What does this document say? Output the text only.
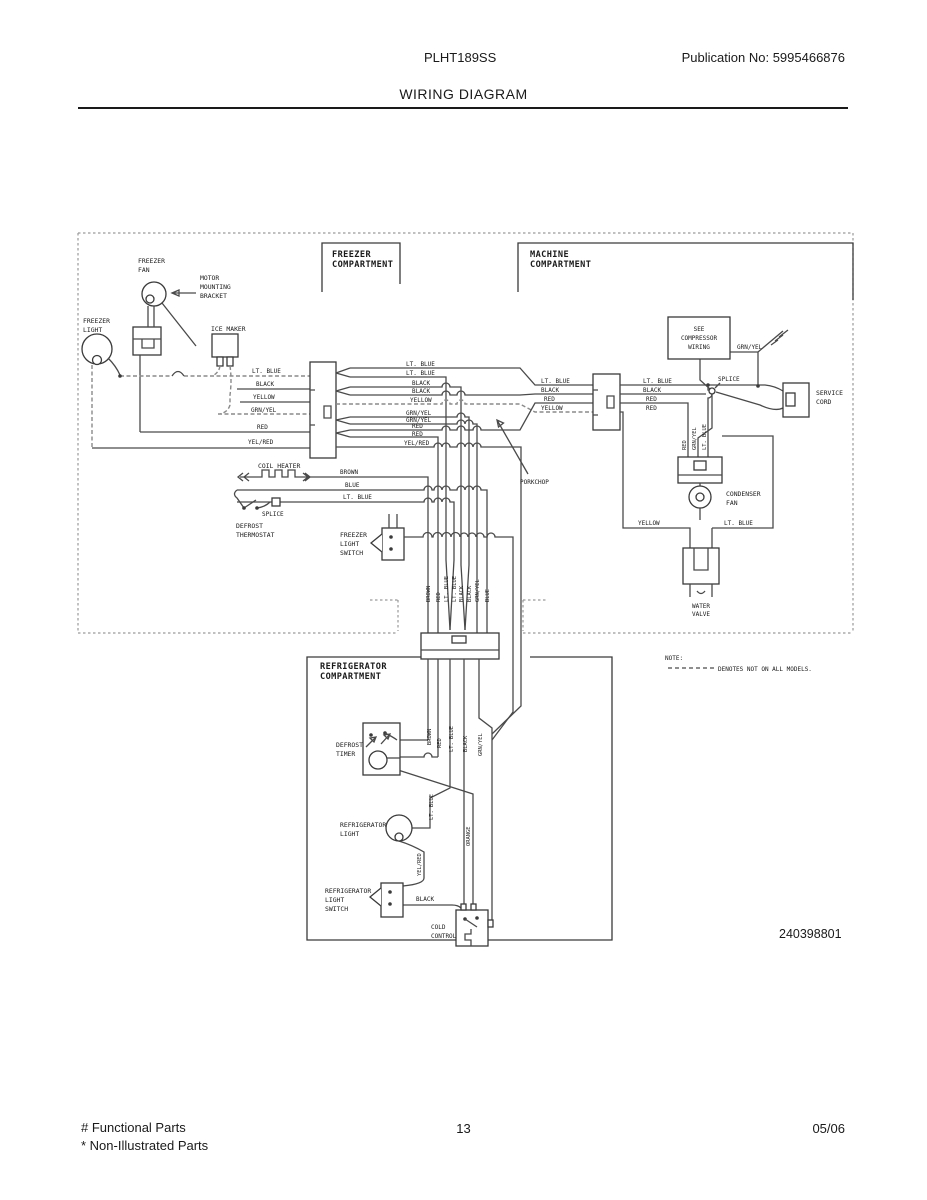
PLHT189SS	Publication No: 5995466876
WIRING DIAGRAM
FREEZER
COMPARTMENT
MACHINE
COMPARTMENT
REFRIGERATOR
COMPARTMENT
FREEZER
FAN
MOTOR
MOUNTING
BRACKET
FREEZER
LIGHT	ICE MAKER
LT. BLUE
BLACK
YELLOW
GRN/YEL
RED
YEL/RED
LT. BLUE
LT. BLUE
BLACK
BLACK
YELLOW
GRN/YEL
GRN/YEL
RED
RED
YEL/RED
COIL HEATER
BROWN
BLUE
LT. BLUE
SPLICE
DEFROST
THERMOSTAT	FREEZER
LIGHT
SWITCH
BROWN RED LT. BLUE LT. BLUE BLACK BLACK GRN/YEL BLUE
PORKCHOP
LT. BLUE
BLACK
RED
YELLOW
LT. BLUE
BLACK
RED
RED
GRN/YEL
SPLICE
SEE
COMPRESSOR
WIRING
SERVICE
CORD
RED GRN/YEL LT. BLUE
CONDENSER
FAN
YELLOW	LT. BLUE
WATER
VALVE
NOTE:
DENOTES NOT ON ALL MODELS.
BROWN RED LT. BLUE BLACK GRN/YEL
LT. BLUE
ORANGE
YEL/RED
BLACK
DEFROST
TIMER
REFRIGERATOR
LIGHT
REFRIGERATOR
LIGHT
SWITCH
COLD
CONTROL	240398801
# Functional Parts
* Non-Illustrated Parts
13	05/06
